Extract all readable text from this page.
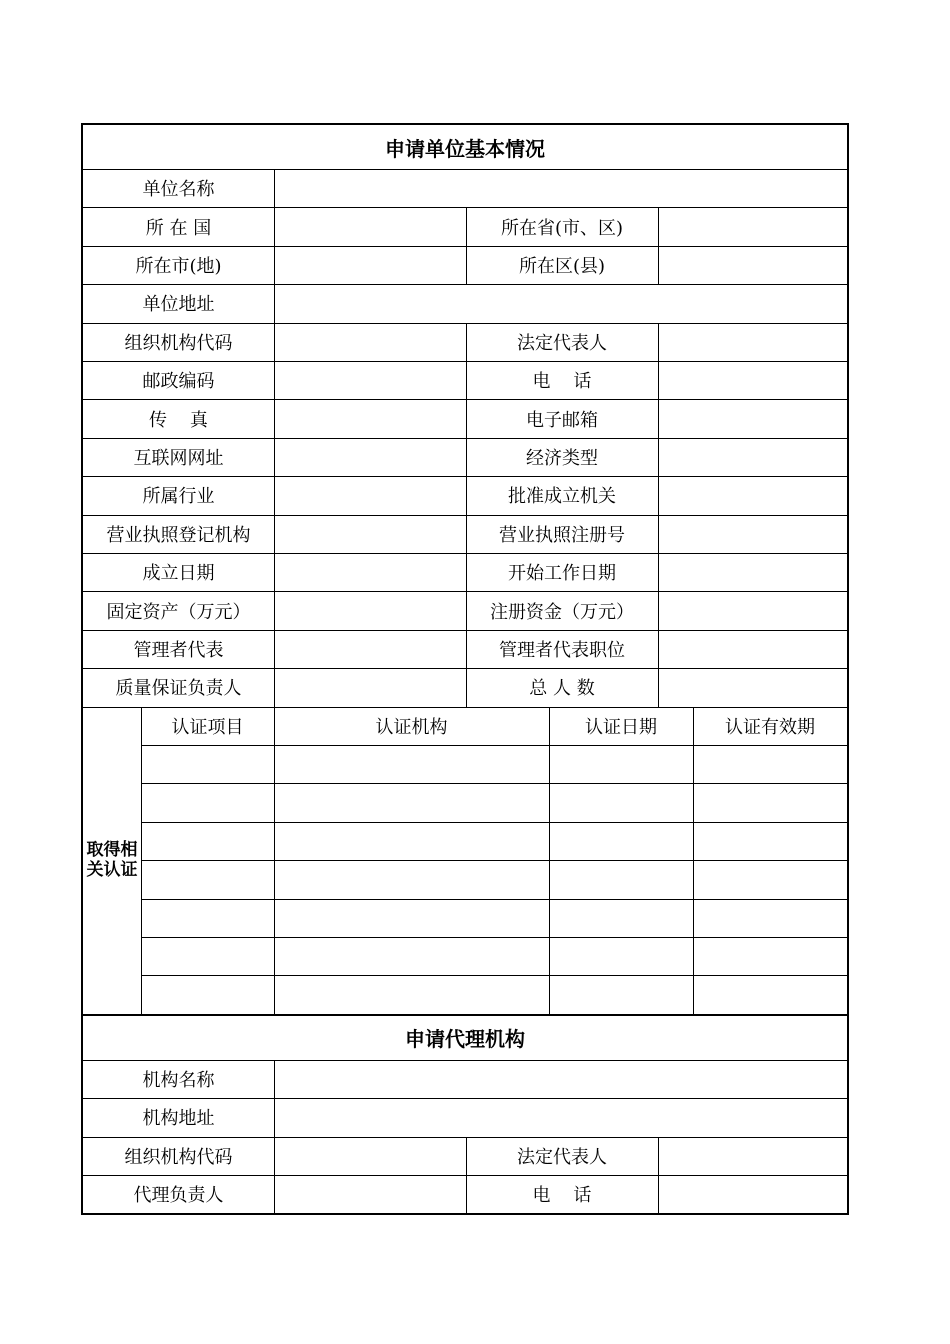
申请单位基本情况
单位名称
所 在 国	所在省(市、区)
所在市(地)	所在区(县)
单位地址
组织机构代码	法定代表人
邮政编码	电    话
传    真	电子邮箱
互联网网址	经济类型
所属行业	批准成立机关
营业执照登记机构	营业执照注册号
成立日期	开始工作日期
固定资产（万元）	注册资金（万元）
管理者代表	管理者代表职位
质量保证负责人	总 人 数
取得相关认证
认证项目	认证机构	认证日期	认证有效期
申请代理机构
机构名称
机构地址
组织机构代码	法定代表人
代理负责人	电    话
